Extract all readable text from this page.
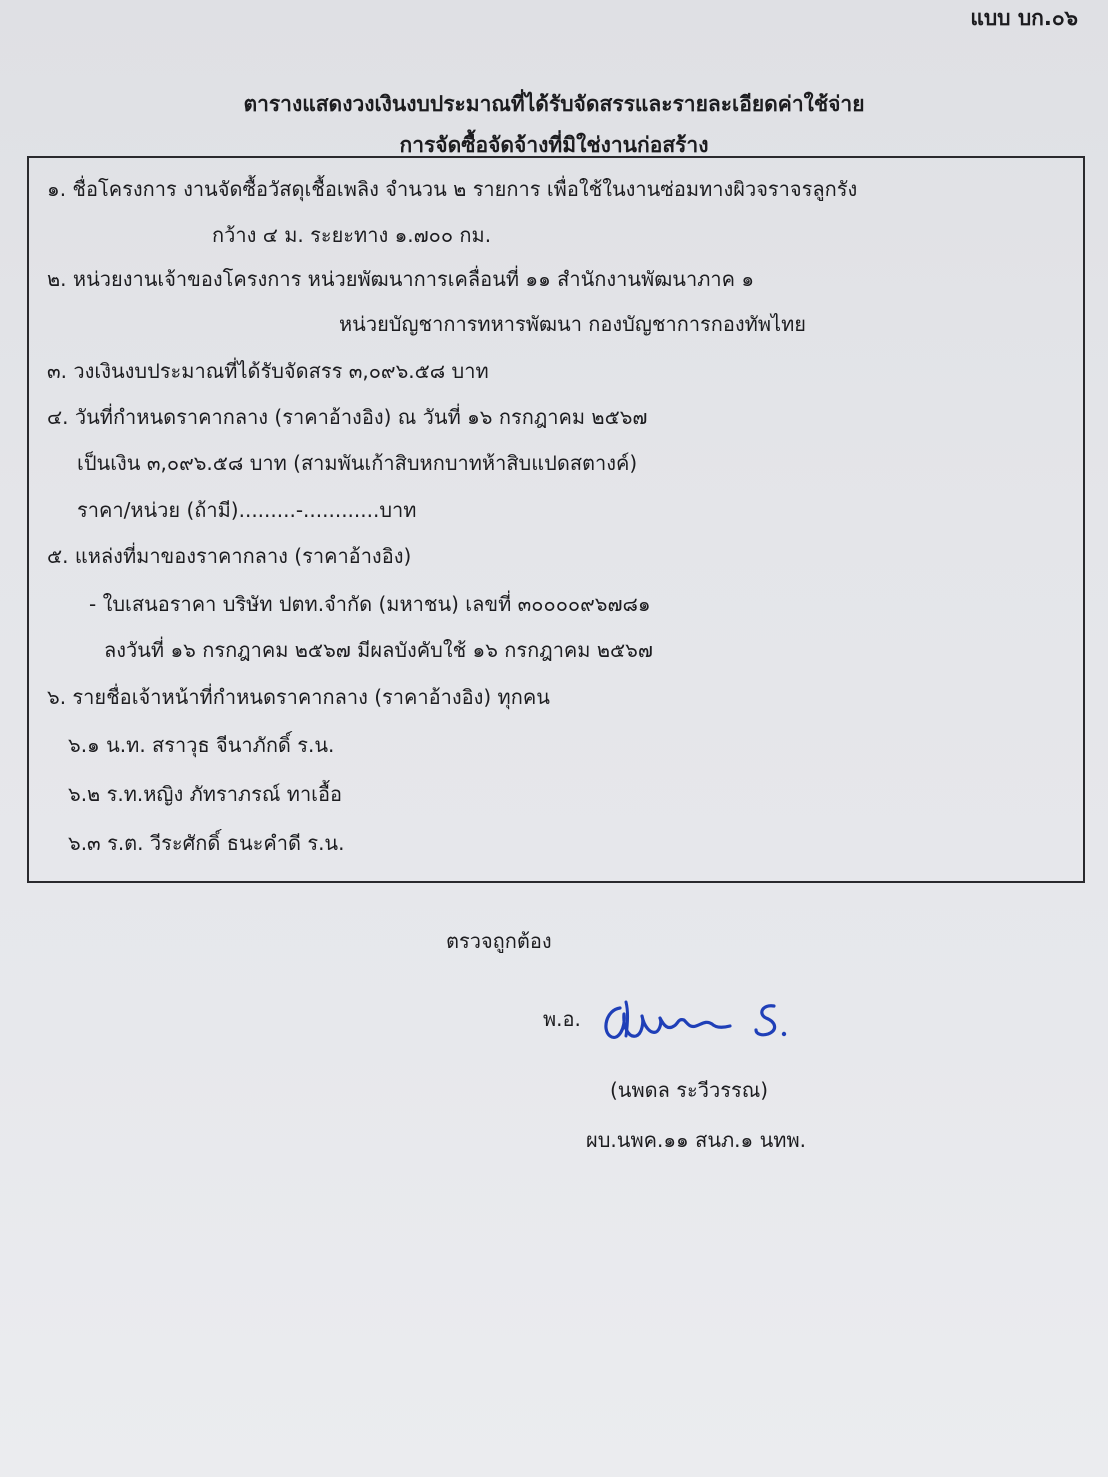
แบบ บก.๐๖
ตารางแสดงวงเงินงบประมาณที่ได้รับจัดสรรและรายละเอียดค่าใช้จ่าย
การจัดซื้อจัดจ้างที่มิใช่งานก่อสร้าง
๑. ชื่อโครงการ งานจัดซื้อวัสดุเชื้อเพลิง จำนวน ๒ รายการ เพื่อใช้ในงานซ่อมทางผิวจราจรลูกรัง
กว้าง ๔ ม. ระยะทาง ๑.๗๐๐ กม.
๒. หน่วยงานเจ้าของโครงการ หน่วยพัฒนาการเคลื่อนที่ ๑๑ สำนักงานพัฒนาภาค ๑
หน่วยบัญชาการทหารพัฒนา กองบัญชาการกองทัพไทย
๓. วงเงินงบประมาณที่ได้รับจัดสรร ๓,๐๙๖.๕๘ บาท
๔. วันที่กำหนดราคากลาง (ราคาอ้างอิง) ณ วันที่ ๑๖ กรกฎาคม ๒๕๖๗
เป็นเงิน ๓,๐๙๖.๕๘ บาท (สามพันเก้าสิบหกบาทห้าสิบแปดสตางค์)
ราคา/หน่วย (ถ้ามี).........-............บาท
๕. แหล่งที่มาของราคากลาง (ราคาอ้างอิง)
- ใบเสนอราคา บริษัท ปตท.จำกัด (มหาชน) เลขที่ ๓๐๐๐๐๙๖๗๘๑
ลงวันที่ ๑๖ กรกฎาคม ๒๕๖๗ มีผลบังคับใช้ ๑๖ กรกฎาคม ๒๕๖๗
๖. รายชื่อเจ้าหน้าที่กำหนดราคากลาง (ราคาอ้างอิง) ทุกคน
๖.๑ น.ท. สราวุธ จีนาภักดิ์ ร.น.
๖.๒ ร.ท.หญิง ภัทราภรณ์ ทาเอื้อ
๖.๓ ร.ต. วีระศักดิ์ ธนะคำดี ร.น.
ตรวจถูกต้อง
พ.อ.
(นพดล ระวีวรรณ)
ผบ.นพค.๑๑ สนภ.๑ นทพ.
